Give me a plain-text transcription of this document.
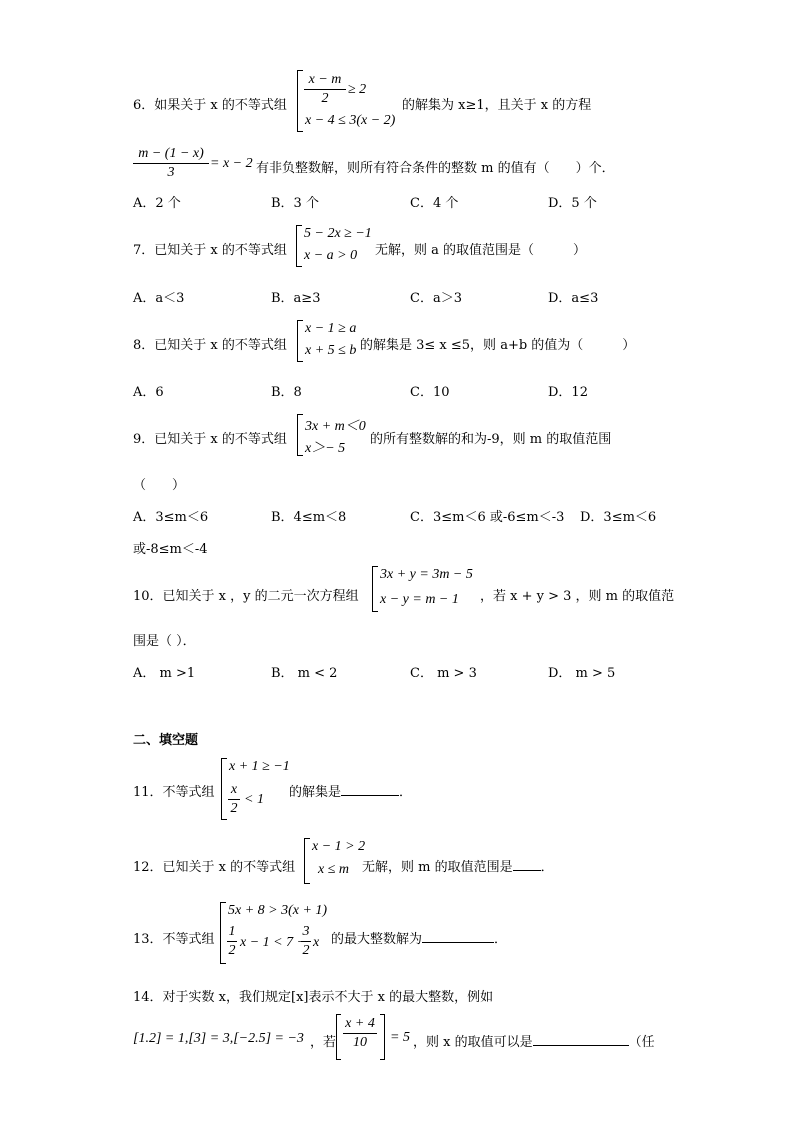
6．如果关于 x 的不等式组
x − m
2
≥ 2
x − 4 ≤ 3(x − 2)
的解集为 x≥1，且关于 x 的方程
m − (1 − x)
3
= x − 2 有非负整数解，则所有符合条件的整数 m 的值有（　　）个．
A．2 个	B．3 个	C．4 个	D．5 个
7．已知关于 x 的不等式组
5 − 2x ≥ −1
x − a > 0 无解，则 a 的取值范围是（　　　）
A．a＜3	B．a≥3	C．a＞3	D．a≤3
8．已知关于 x 的不等式组
x − 1 ≥ a
x + 5 ≤ b 的解集是 3≤ x ≤5，则 a+b 的值为（　　　）
A．6	B．8	C．10	D．12
9．已知关于 x 的不等式组
3x + m＜0
x＞− 5
的所有整数解的和为-9，则 m 的取值范围
（　　）
A．3≤m＜6	B．4≤m＜8	C．3≤m＜6 或-6≤m＜-3 D．3≤m＜6
或-8≤m＜-4
10．已知关于 x ，y 的二元一次方程组
3x + y = 3m − 5
x − y = m − 1 ，若 x + y > 3 ，则 m 的取值范
围是（ ）．
A． m >1	B． m < 2	C． m > 3	D． m > 5
二、填空题
11．不等式组
x + 1 ≥ −1
x
2
< 1 的解集是	．
12．已知关于 x 的不等式组
x − 1 > 2
x ≤ m 无解，则 m 的取值范围是 ．
13．不等式组
5x + 8 > 3(x + 1)
1
2
x − 1 < 7 −
3
2
x 的最大整数解为	．
14．对于实数 x，我们规定[x]表示不大于 x 的最大整数，例如
[1.2] = 1,[3] = 3,[−2.5] = −3 ，若
x + 4
10	= 5 ，则 x 的取值可以是	（任
